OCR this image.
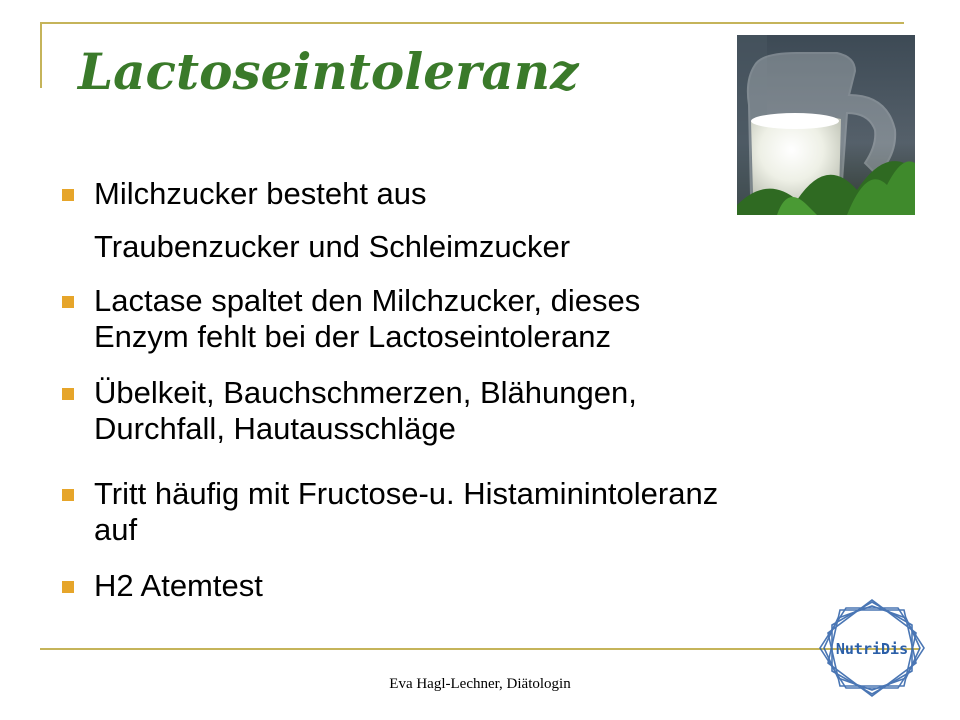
Lactoseintoleranz
Milchzucker besteht aus
Traubenzucker und Schleimzucker
Lactase spaltet den Milchzucker, dieses
Enzym fehlt bei der Lactoseintoleranz
Übelkeit, Bauchschmerzen, Blähungen,
Durchfall, Hautausschläge
Tritt häufig mit Fructose-u. Histaminintoleranz
auf
H2 Atemtest
NutriDis
Eva Hagl-Lechner, Diätologin
